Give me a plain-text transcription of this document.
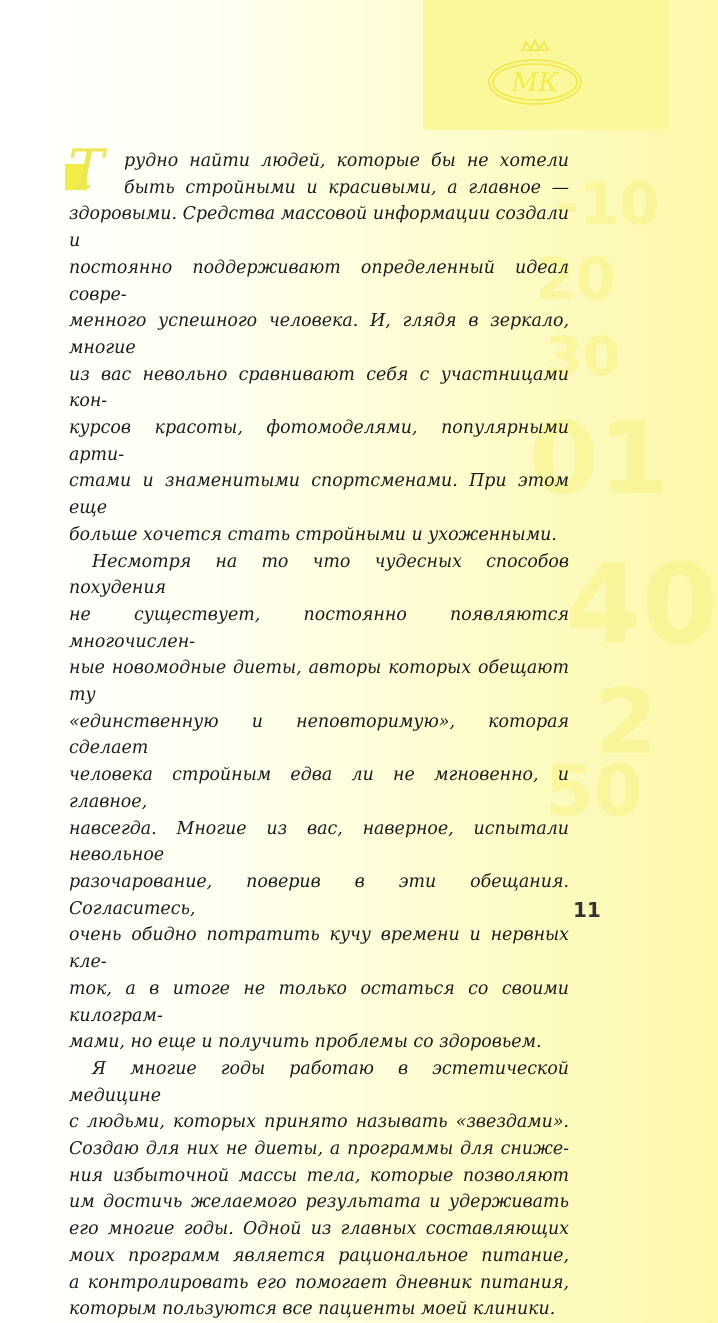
МК
-10
20
30
01
40
2
50
Т	рудно найти людей, которые бы не хотели
быть стройными и красивыми, а главное —
здоровыми. Средства массовой информации создали и
постоянно поддерживают определенный идеал совре-
менного успешного человека. И, глядя в зеркало, многие
из вас невольно сравнивают себя с участницами кон-
курсов красоты, фотомоделями, популярными арти-
стами и знаменитыми спортсменами. При этом еще
больше хочется стать стройными и ухоженными.

Несмотря на то что чудесных способов похудения
не существует, постоянно появляются многочислен-
ные новомодные диеты, авторы которых обещают ту
«единственную и неповторимую», которая сделает
человека стройным едва ли не мгновенно, и главное,
навсегда. Многие из вас, наверное, испытали невольное
разочарование, поверив в эти обещания. Согласитесь,
очень обидно потратить кучу времени и нервных кле-
ток, а в итоге не только остаться со своими килограм-
мами, но еще и получить проблемы со здоровьем.

Я многие годы работаю в эстетической медицине
с людьми, которых принято называть «звездами».
Создаю для них не диеты, а программы для сниже-
ния избыточной массы тела, которые позволяют
им достичь желаемого результата и удерживать
его многие годы. Одной из главных составляющих
моих программ является рациональное питание,
а контролировать его помогает дневник питания,
которым пользуются все пациенты моей клиники.

11
